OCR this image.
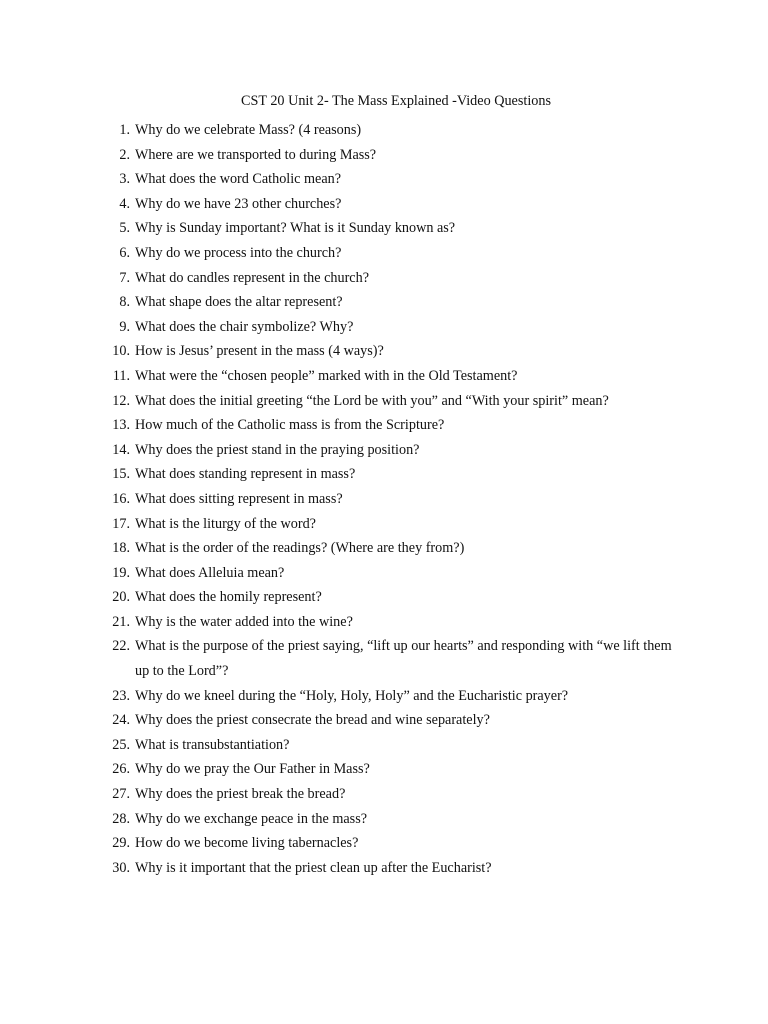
CST 20 Unit 2- The Mass Explained -Video Questions
1. Why do we celebrate Mass? (4 reasons)
2. Where are we transported to during Mass?
3. What does the word Catholic mean?
4. Why do we have 23 other churches?
5. Why is Sunday important? What is it Sunday known as?
6. Why do we process into the church?
7. What do candles represent in the church?
8. What shape does the altar represent?
9. What does the chair symbolize? Why?
10. How is Jesus’ present in the mass (4 ways)?
11. What were the “chosen people” marked with in the Old Testament?
12. What does the initial greeting “the Lord be with you” and “With your spirit” mean?
13. How much of the Catholic mass is from the Scripture?
14. Why does the priest stand in the praying position?
15. What does standing represent in mass?
16. What does sitting represent in mass?
17. What is the liturgy of the word?
18. What is the order of the readings? (Where are they from?)
19. What does Alleluia mean?
20. What does the homily represent?
21. Why is the water added into the wine?
22. What is the purpose of the priest saying, “lift up our hearts” and responding with “we lift them up to the Lord”?
23. Why do we kneel during the “Holy, Holy, Holy” and the Eucharistic prayer?
24. Why does the priest consecrate the bread and wine separately?
25. What is transubstantiation?
26. Why do we pray the Our Father in Mass?
27. Why does the priest break the bread?
28. Why do we exchange peace in the mass?
29. How do we become living tabernacles?
30. Why is it important that the priest clean up after the Eucharist?
